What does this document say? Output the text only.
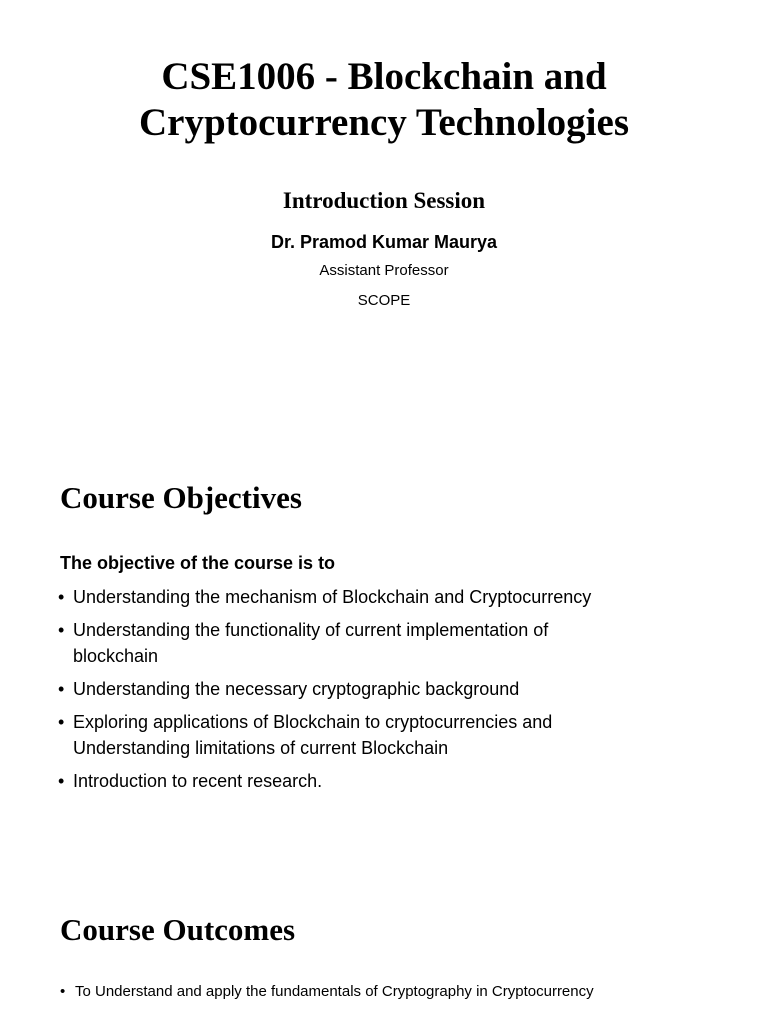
CSE1006 - Blockchain and
Cryptocurrency Technologies
Introduction Session
Dr. Pramod Kumar Maurya
Assistant Professor
SCOPE
Course Objectives
The objective of the course is to
• Understanding the mechanism of Blockchain and Cryptocurrency
• Understanding the functionality of current implementation of
blockchain
• Understanding the necessary cryptographic background
• Exploring applications of Blockchain to cryptocurrencies and
Understanding limitations of current Blockchain
• Introduction to recent research.
Course Outcomes
• To Understand and apply the fundamentals of Cryptography in Cryptocurrency
